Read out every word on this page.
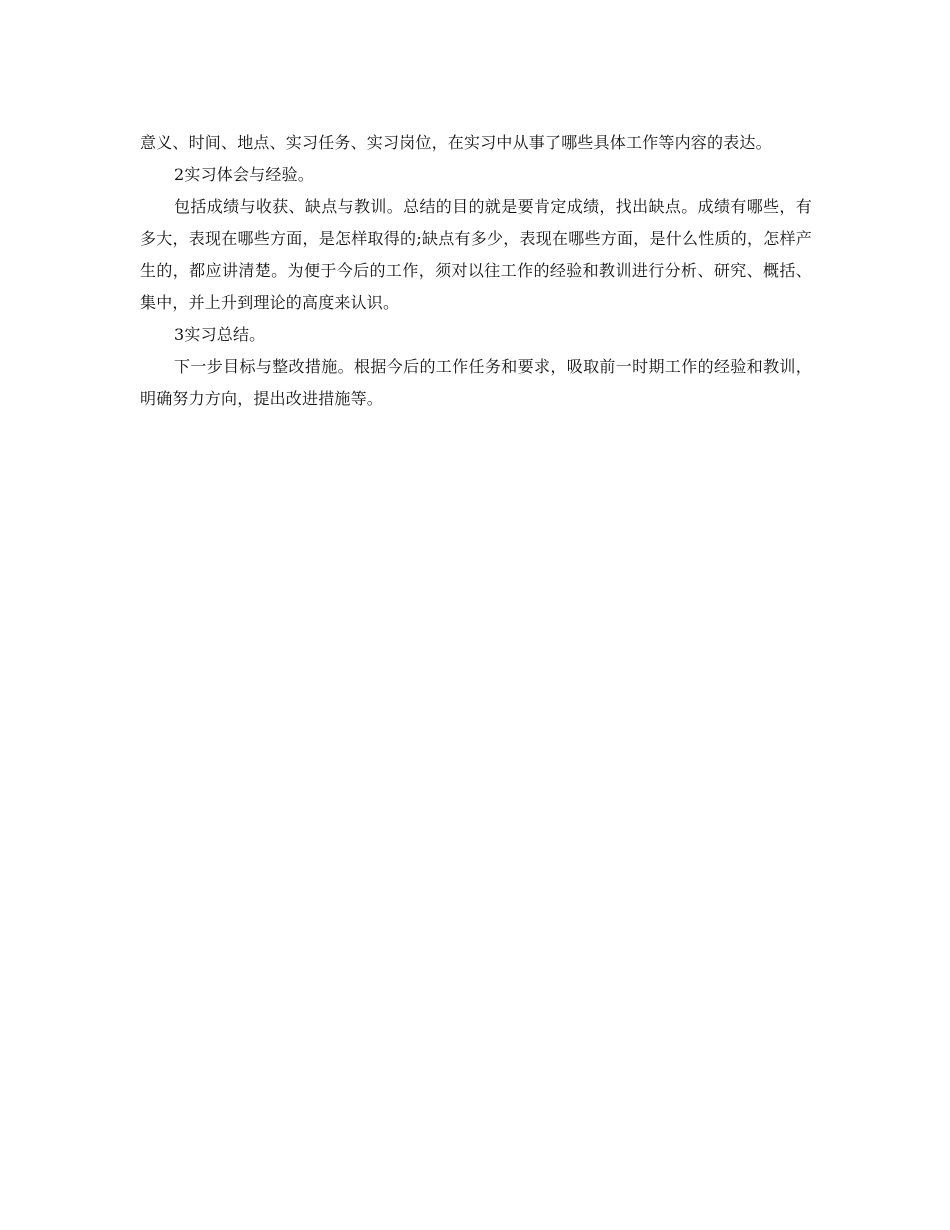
意义、时间、地点、实习任务、实习岗位，在实习中从事了哪些具体工作等内容的表达。

2实习体会与经验。

包括成绩与收获、缺点与教训。总结的目的就是要肯定成绩，找出缺点。成绩有哪些，有多大，表现在哪些方面，是怎样取得的;缺点有多少，表现在哪些方面，是什么性质的，怎样产生的，都应讲清楚。为便于今后的工作，须对以往工作的经验和教训进行分析、研究、概括、集中，并上升到理论的高度来认识。

3实习总结。

下一步目标与整改措施。根据今后的工作任务和要求，吸取前一时期工作的经验和教训，明确努力方向，提出改进措施等。
